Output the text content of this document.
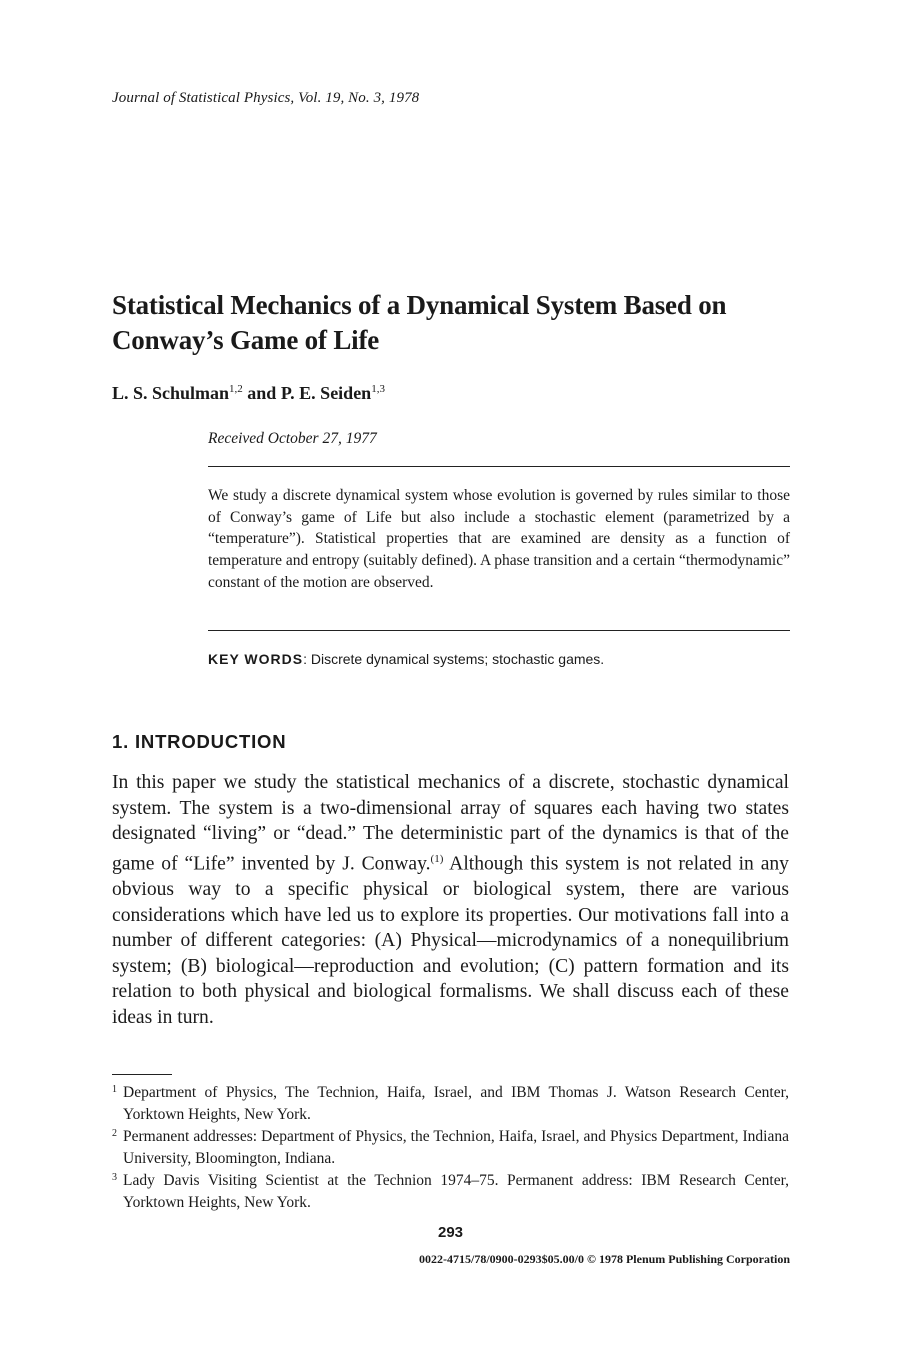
Journal of Statistical Physics, Vol. 19, No. 3, 1978
Statistical Mechanics of a Dynamical System Based on Conway’s Game of Life
L. S. Schulman$^{1,2}$ and P. E. Seiden$^{1,3}$
Received October 27, 1977
We study a discrete dynamical system whose evolution is governed by rules similar to those of Conway’s game of Life but also include a stochastic element (parametrized by a “temperature”). Statistical properties that are examined are density as a function of temperature and entropy (suitably defined). A phase transition and a certain “thermodynamic” constant of the motion are observed.
KEY WORDS: Discrete dynamical systems; stochastic games.
1. INTRODUCTION
In this paper we study the statistical mechanics of a discrete, stochastic dynamical system. The system is a two-dimensional array of squares each having two states designated “living” or “dead.” The deterministic part of the dynamics is that of the game of “Life” invented by J. Conway.$^{(1)}$ Although this system is not related in any obvious way to a specific physical or biological system, there are various considerations which have led us to explore its properties. Our motivations fall into a number of different categories: (A) Physical—microdynamics of a nonequilibrium system; (B) biological—reproduction and evolution; (C) pattern formation and its relation to both physical and biological formalisms. We shall discuss each of these ideas in turn.
1 Department of Physics, The Technion, Haifa, Israel, and IBM Thomas J. Watson Research Center, Yorktown Heights, New York.
2 Permanent addresses: Department of Physics, the Technion, Haifa, Israel, and Physics Department, Indiana University, Bloomington, Indiana.
3 Lady Davis Visiting Scientist at the Technion 1974–75. Permanent address: IBM Research Center, Yorktown Heights, New York.
293
0022-4715/78/0900-0293$05.00/0 © 1978 Plenum Publishing Corporation
